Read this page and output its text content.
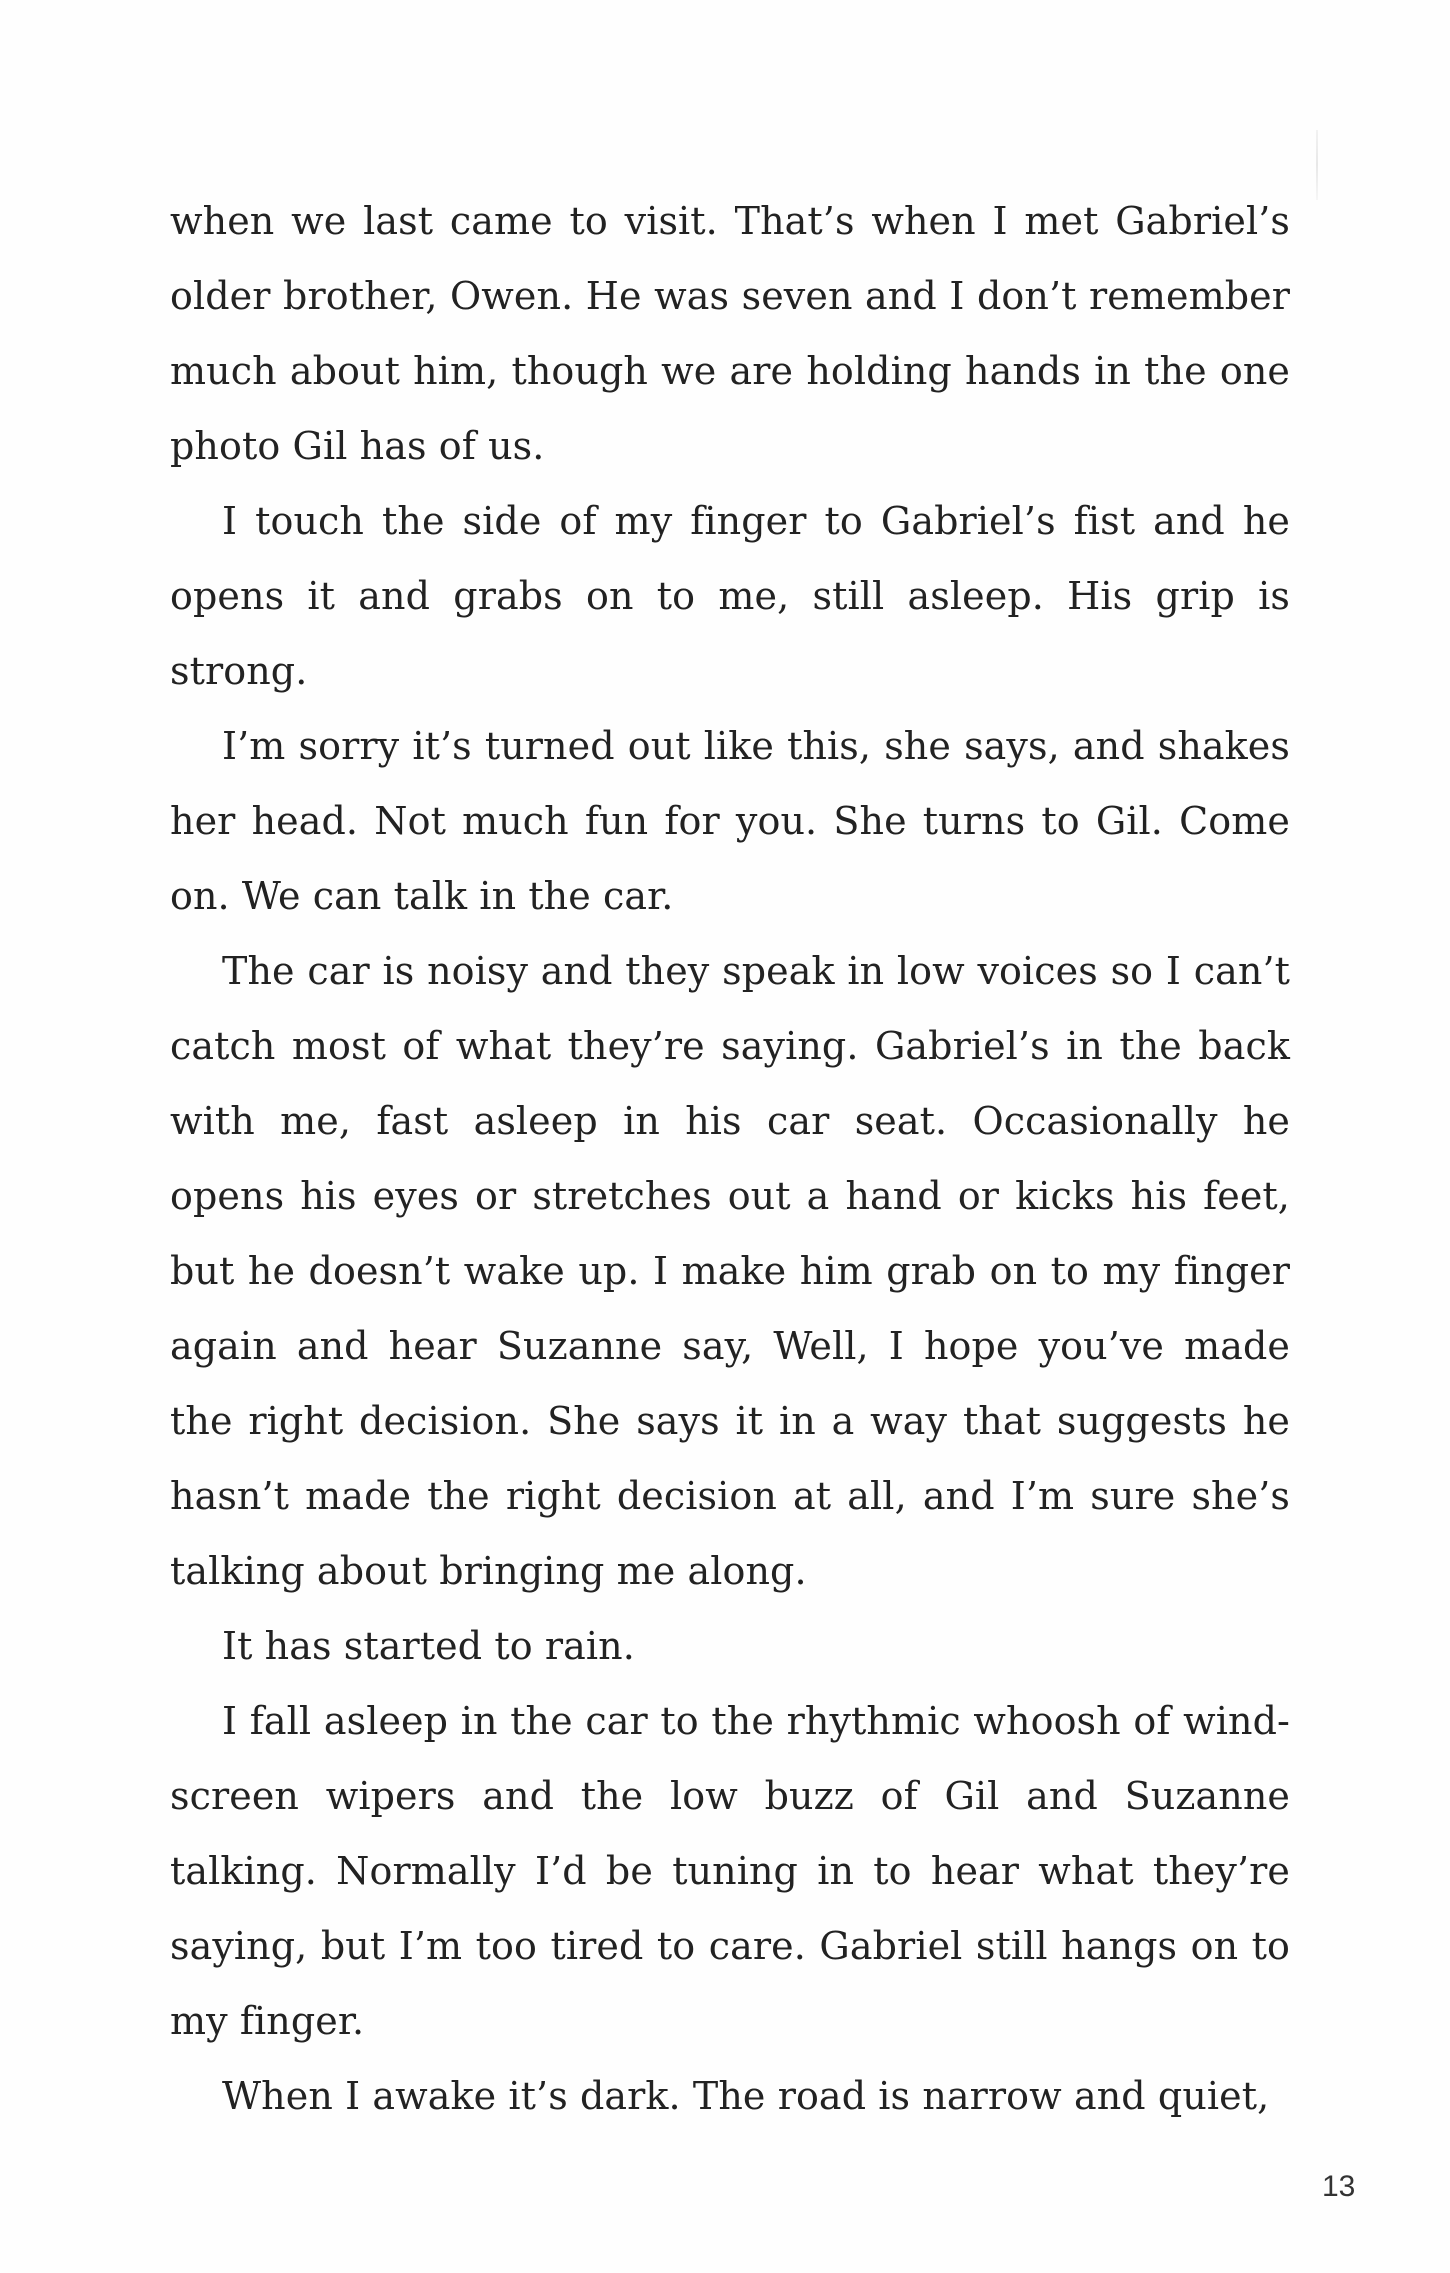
when we last came to visit. That’s when I met Gabriel’s older brother, Owen. He was seven and I don’t remember much about him, though we are holding hands in the one photo Gil has of us.

I touch the side of my finger to Gabriel’s fist and he opens it and grabs on to me, still asleep. His grip is strong.

I’m sorry it’s turned out like this, she says, and shakes her head. Not much fun for you. She turns to Gil. Come on. We can talk in the car.

The car is noisy and they speak in low voices so I can’t catch most of what they’re saying. Gabriel’s in the back with me, fast asleep in his car seat. Occasionally he opens his eyes or stretches out a hand or kicks his feet, but he doesn’t wake up. I make him grab on to my finger again and hear Suzanne say, Well, I hope you’ve made the right decision. She says it in a way that suggests he hasn’t made the right decision at all, and I’m sure she’s talking about bringing me along.

It has started to rain.

I fall asleep in the car to the rhythmic whoosh of wind-screen wipers and the low buzz of Gil and Suzanne talking. Normally I’d be tuning in to hear what they’re saying, but I’m too tired to care. Gabriel still hangs on to my finger.

When I awake it’s dark. The road is narrow and quiet,

13
